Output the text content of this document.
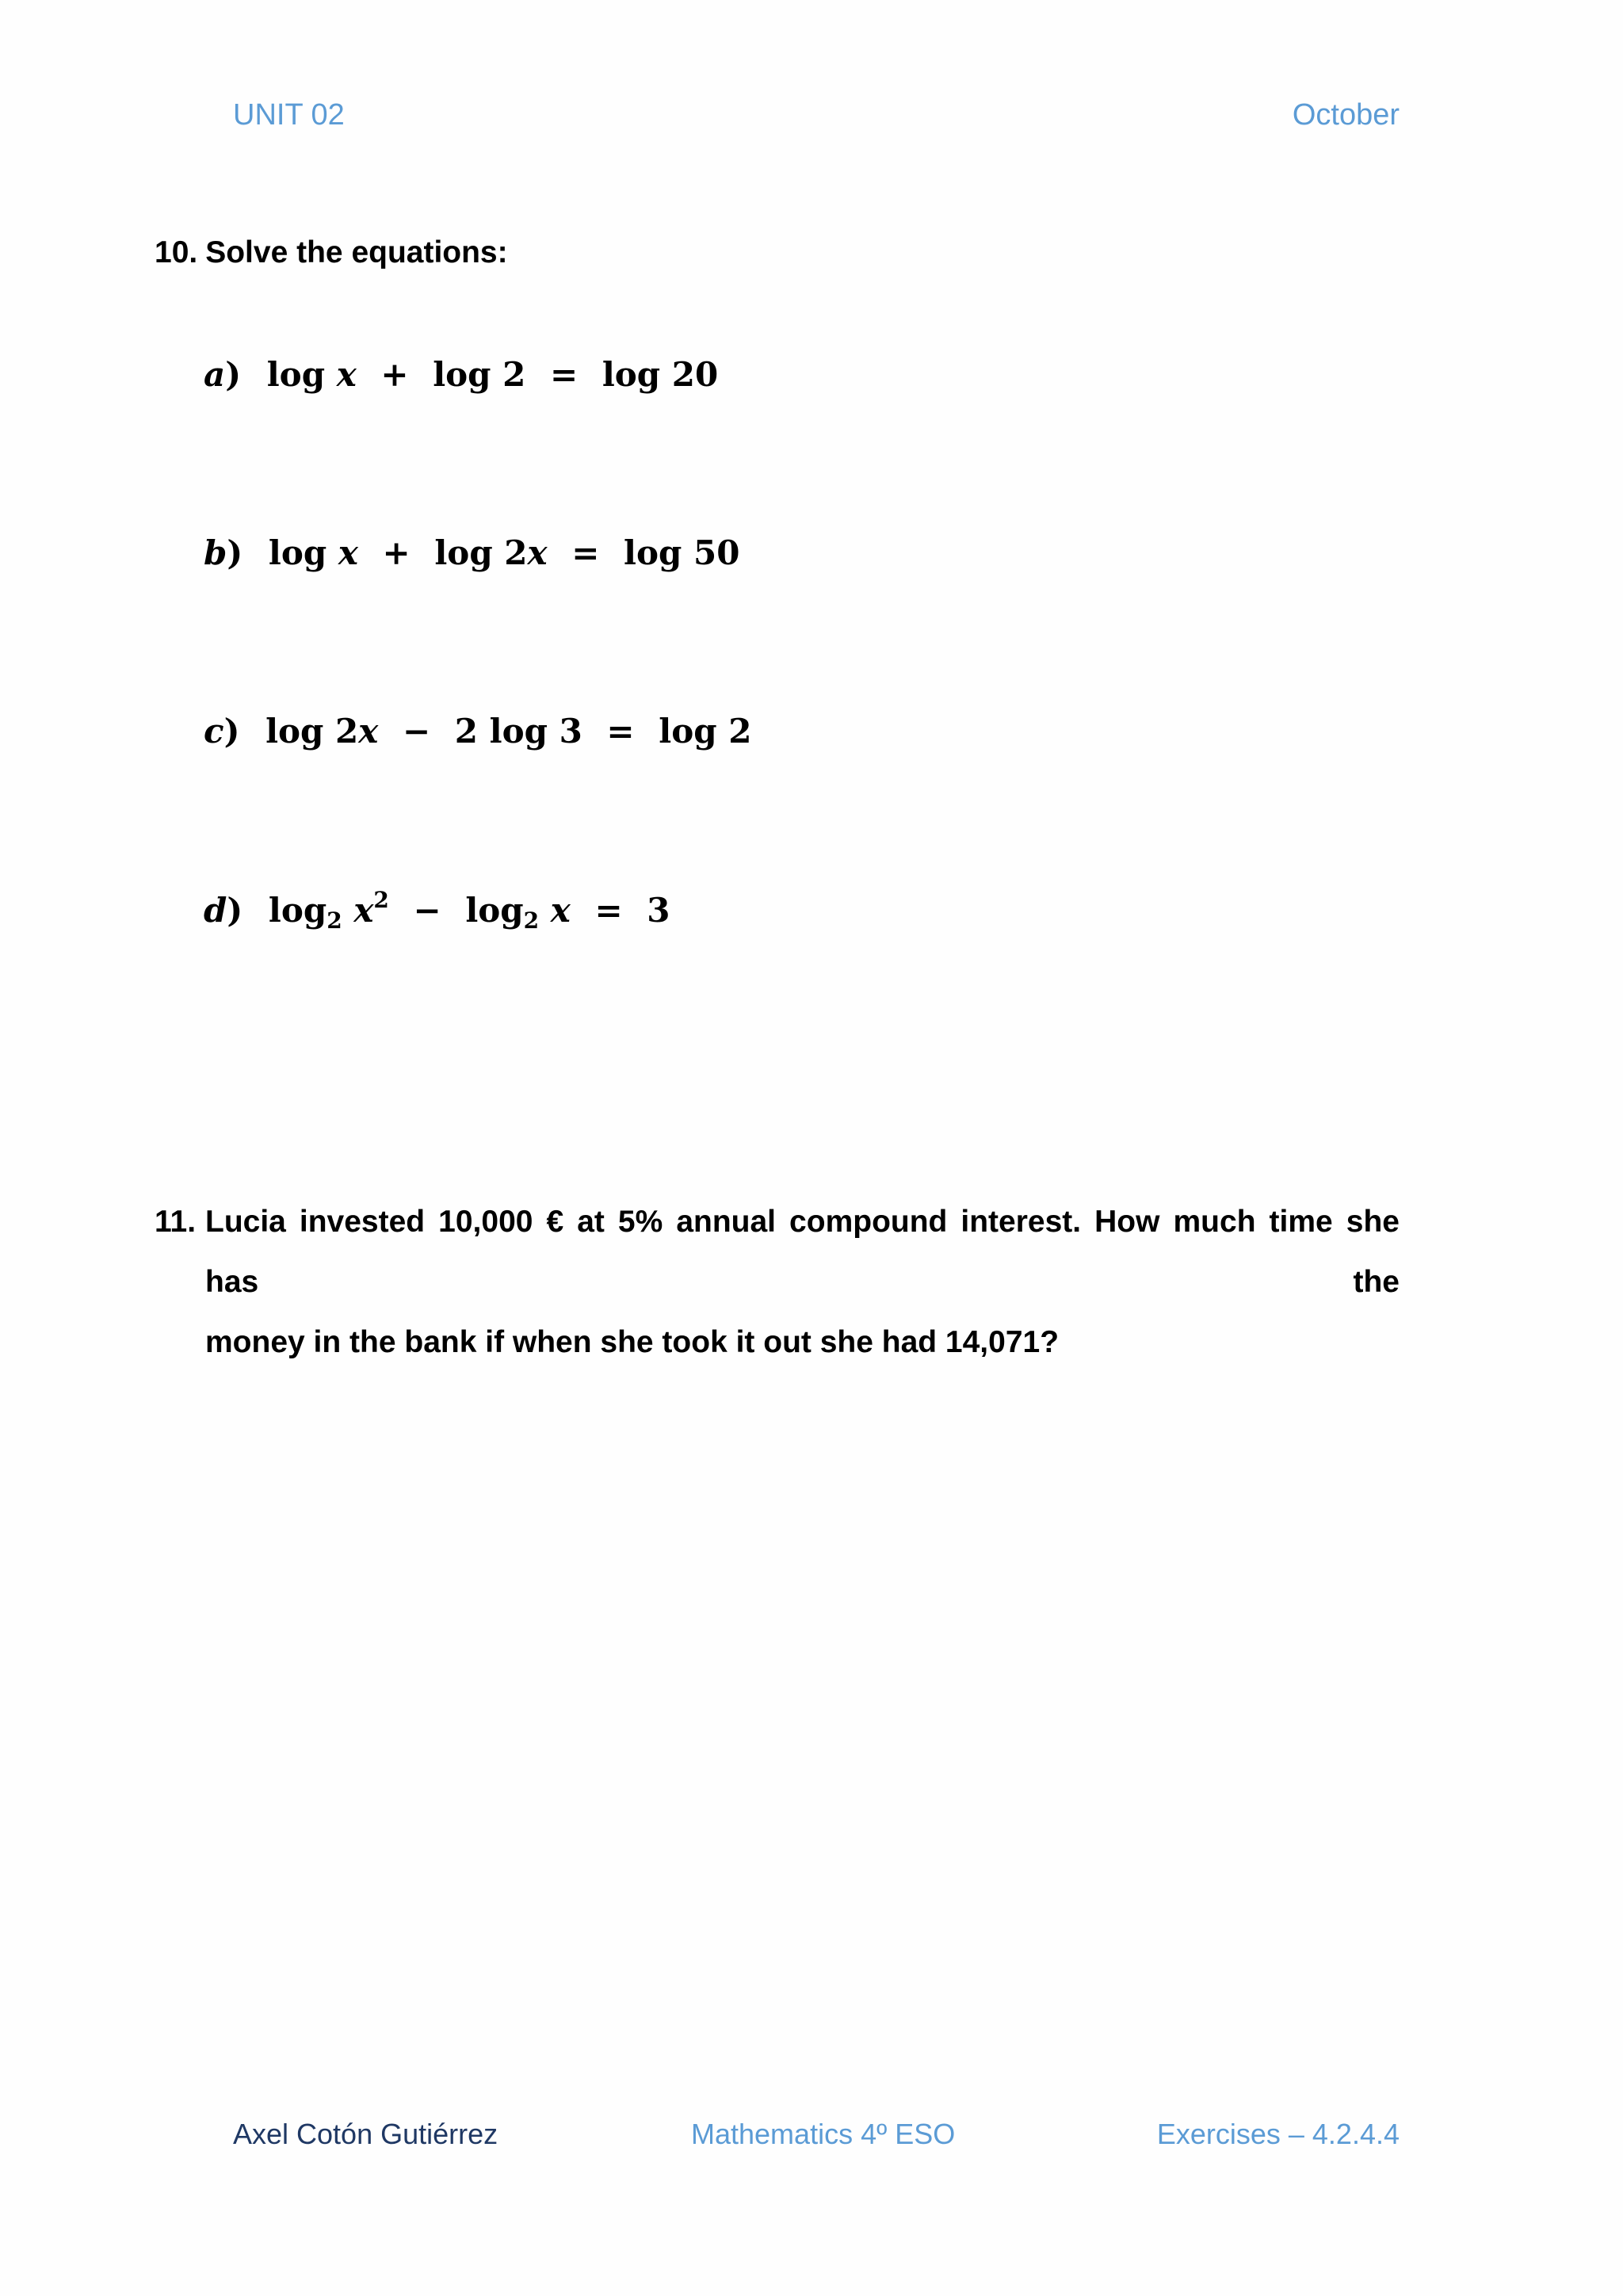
UNIT 02	October
10. Solve the equations:
a) log x + log 2 = log 20
b) log x + log 2x = log 50
c) log 2x − 2 log 3 = log 2
d) $\log_2 x^2 - \log_2 x = 3$
11. Lucia invested 10,000 € at 5% annual compound interest. How much time she has the
money in the bank if when she took it out she had 14,071?
Axel Cotón Gutiérrez	Mathematics 4º ESO	Exercises – 4.2.4.4
